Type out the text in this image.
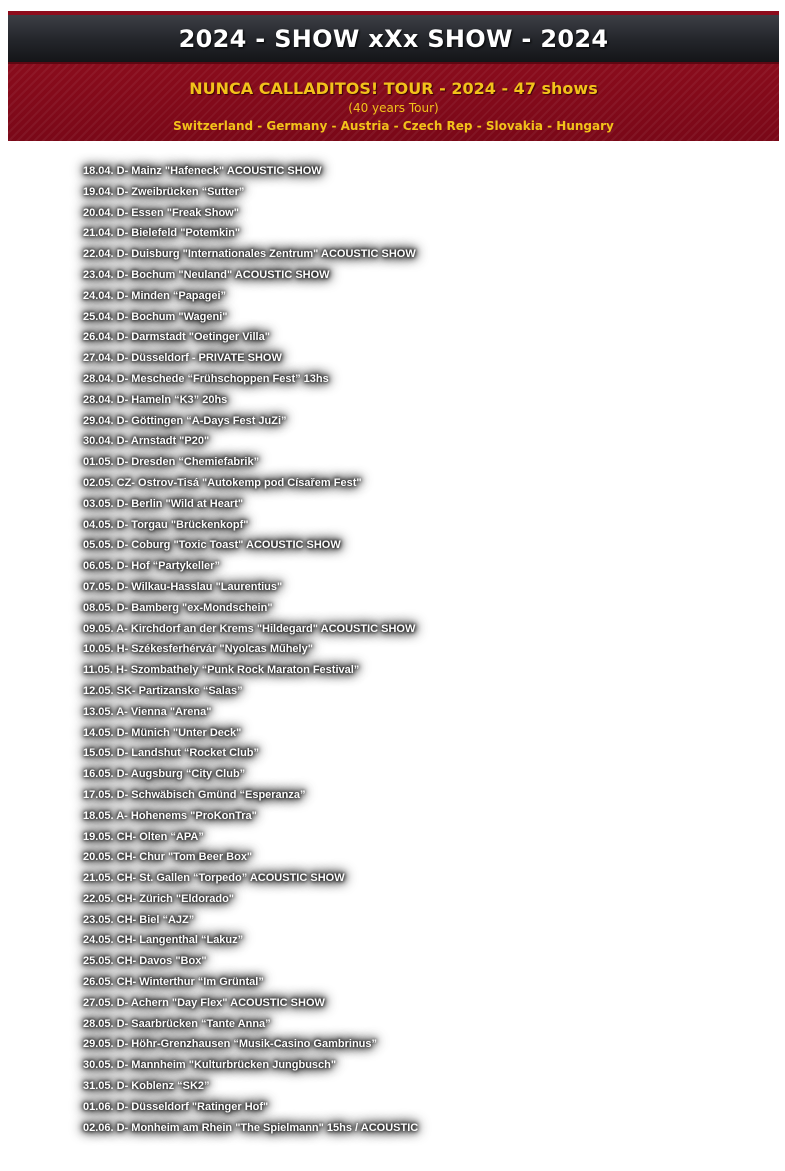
2024 - SHOW xXx SHOW - 2024
NUNCA CALLADITOS! TOUR - 2024 - 47 shows
(40 years Tour)
Switzerland - Germany - Austria - Czech Rep - Slovakia - Hungary
18.04. D- Mainz "Hafeneck" ACOUSTIC SHOW
19.04. D- Zweibrücken “Sutter”
20.04. D- Essen "Freak Show"
21.04. D- Bielefeld "Potemkin"
22.04. D- Duisburg "Internationales Zentrum" ACOUSTIC SHOW
23.04. D- Bochum "Neuland" ACOUSTIC SHOW
24.04. D- Minden “Papagei”
25.04. D- Bochum "Wageni"
26.04. D- Darmstadt "Oetinger Villa"
27.04. D- Düsseldorf - PRIVATE SHOW
28.04. D- Meschede “Frühschoppen Fest” 13hs
28.04. D- Hameln “K3” 20hs
29.04. D- Göttingen “A-Days Fest JuZi”
30.04. D- Arnstadt "P20"
01.05. D- Dresden “Chemiefabrik”
02.05. CZ- Ostrov-Tisá "Autokemp pod Císařem Fest"
03.05. D- Berlin "Wild at Heart"
04.05. D- Torgau "Brückenkopf"
05.05. D- Coburg "Toxic Toast" ACOUSTIC SHOW
06.05. D- Hof “Partykeller”
07.05. D- Wilkau-Hasslau "Laurentius"
08.05. D- Bamberg "ex-Mondschein"
09.05. A- Kirchdorf an der Krems "Hildegard" ACOUSTIC SHOW
10.05. H- Székesferhérvár "Nyolcas Műhely"
11.05. H- Szombathely “Punk Rock Maraton Festival”
12.05. SK- Partizanske “Salas”
13.05. A- Vienna "Arena"
14.05. D- Münich "Unter Deck"
15.05. D- Landshut “Rocket Club”
16.05. D- Augsburg “City Club”
17.05. D- Schwäbisch Gmünd “Esperanza”
18.05. A- Hohenems "ProKonTra"
19.05. CH- Olten “APA”
20.05. CH- Chur "Tom Beer Box"
21.05. CH- St. Gallen “Torpedo” ACOUSTIC SHOW
22.05. CH- Zürich "Eldorado"
23.05. CH- Biel “AJZ”
24.05. CH- Langenthal “Lakuz”
25.05. CH- Davos "Box"
26.05. CH- Winterthur “Im Grüntal”
27.05. D- Achern "Day Flex" ACOUSTIC SHOW
28.05. D- Saarbrücken “Tante Anna”
29.05. D- Höhr-Grenzhausen “Musik-Casino Gambrinus”
30.05. D- Mannheim "Kulturbrücken Jungbusch"
31.05. D- Koblenz “SK2”
01.06. D- Düsseldorf "Ratinger Hof"
02.06. D- Monheim am Rhein "The Spielmann" 15hs / ACOUSTIC
